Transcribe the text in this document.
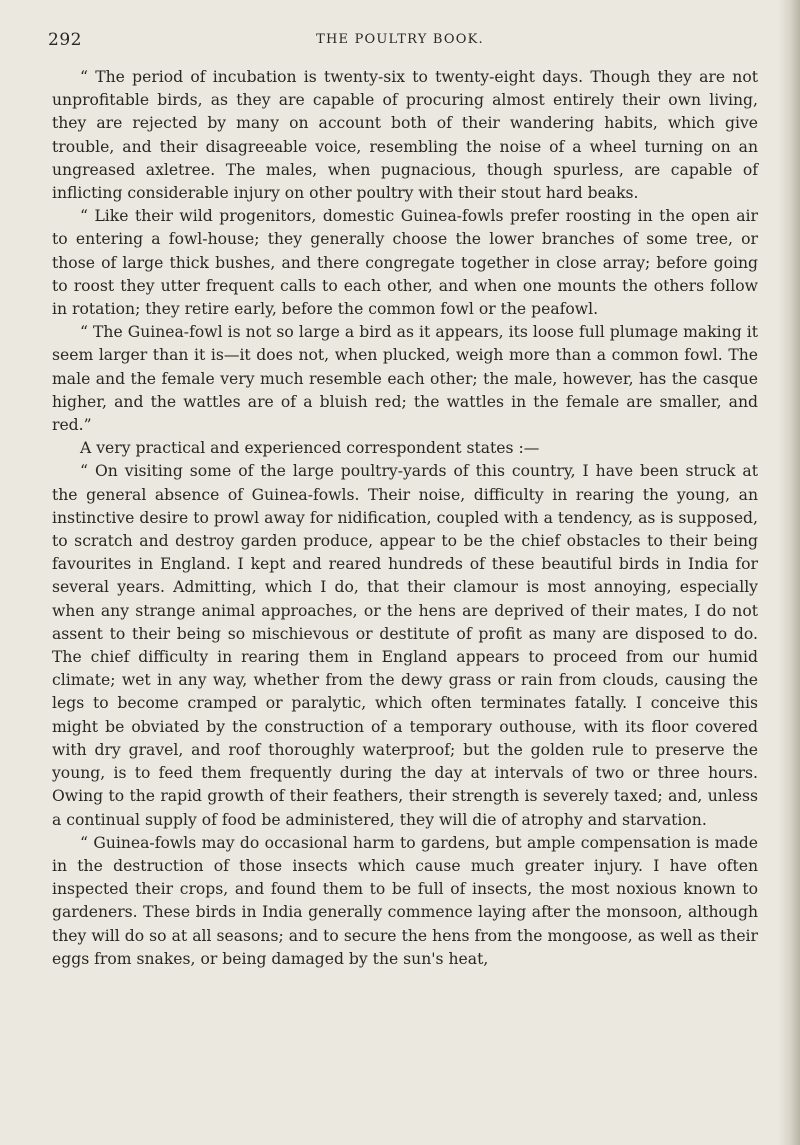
292	THE POULTRY BOOK.

“ The period of incubation is twenty-six to twenty-eight days. Though they are not unprofitable birds, as they are capable of procuring almost entirely their own living, they are rejected by many on account both of their wandering habits, which give trouble, and their disagreeable voice, resembling the noise of a wheel turning on an ungreased axletree. The males, when pugnacious, though spurless, are capable of inflicting considerable injury on other poultry with their stout hard beaks.

“ Like their wild progenitors, domestic Guinea-fowls prefer roosting in the open air to entering a fowl-house; they generally choose the lower branches of some tree, or those of large thick bushes, and there congregate together in close array; before going to roost they utter frequent calls to each other, and when one mounts the others follow in rotation; they retire early, before the common fowl or the peafowl.

“ The Guinea-fowl is not so large a bird as it appears, its loose full plumage making it seem larger than it is—it does not, when plucked, weigh more than a common fowl. The male and the female very much resemble each other; the male, however, has the casque higher, and the wattles are of a bluish red; the wattles in the female are smaller, and red.”

A very practical and experienced correspondent states :—

“ On visiting some of the large poultry-yards of this country, I have been struck at the general absence of Guinea-fowls. Their noise, difficulty in rearing the young, an instinctive desire to prowl away for nidification, coupled with a tendency, as is supposed, to scratch and destroy garden produce, appear to be the chief obstacles to their being favourites in England. I kept and reared hundreds of these beautiful birds in India for several years. Admitting, which I do, that their clamour is most annoying, especially when any strange animal approaches, or the hens are deprived of their mates, I do not assent to their being so mischievous or destitute of profit as many are disposed to do. The chief difficulty in rearing them in England appears to proceed from our humid climate; wet in any way, whether from the dewy grass or rain from clouds, causing the legs to become cramped or paralytic, which often terminates fatally. I conceive this might be obviated by the construction of a temporary outhouse, with its floor covered with dry gravel, and roof thoroughly waterproof; but the golden rule to preserve the young, is to feed them frequently during the day at intervals of two or three hours. Owing to the rapid growth of their feathers, their strength is severely taxed; and, unless a continual supply of food be administered, they will die of atrophy and starvation.

“ Guinea-fowls may do occasional harm to gardens, but ample compensation is made in the destruction of those insects which cause much greater injury. I have often inspected their crops, and found them to be full of insects, the most noxious known to gardeners. These birds in India generally commence laying after the monsoon, although they will do so at all seasons; and to secure the hens from the mongoose, as well as their eggs from snakes, or being damaged by the sun's heat,
